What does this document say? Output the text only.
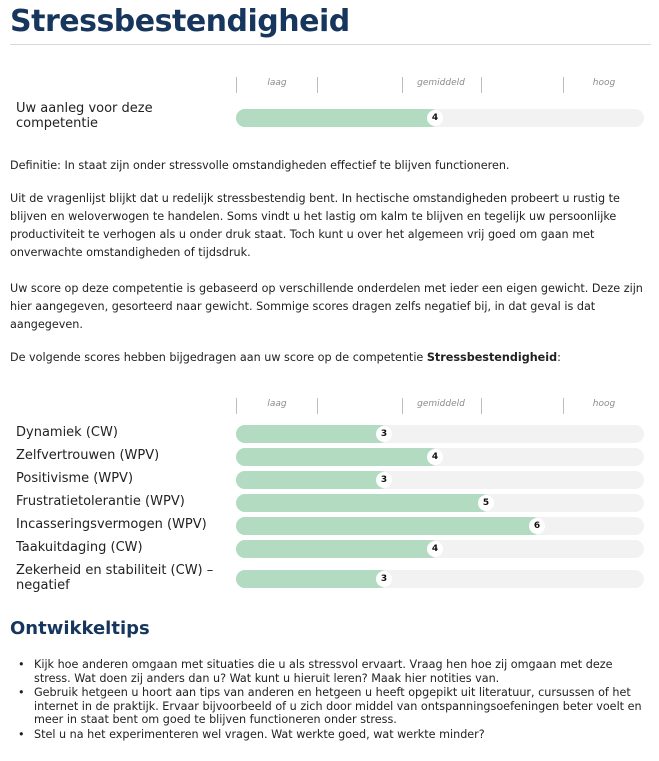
Stressbestendigheid
laag	gemiddeld	hoog
Uw aanleg voor deze competentie	4

Definitie: In staat zijn onder stressvolle omstandigheden effectief te blijven functioneren.

Uit de vragenlijst blijkt dat u redelijk stressbestendig bent. In hectische omstandigheden probeert u rustig te blijven en weloverwogen te handelen. Soms vindt u het lastig om kalm te blijven en tegelijk uw persoonlijke productiviteit te verhogen als u onder druk staat. Toch kunt u over het algemeen vrij goed om gaan met onverwachte omstandigheden of tijdsdruk.

Uw score op deze competentie is gebaseerd op verschillende onderdelen met ieder een eigen gewicht. Deze zijn hier aangegeven, gesorteerd naar gewicht. Sommige scores dragen zelfs negatief bij, in dat geval is dat aangegeven.

De volgende scores hebben bijgedragen aan uw score op de competentie Stressbestendigheid:

laag	gemiddeld	hoog
Dynamiek (CW)	3
Zelfvertrouwen (WPV)	4
Positivisme (WPV)	3
Frustratietolerantie (WPV)	5
Incasseringsvermogen (WPV)	6
Taakuitdaging (CW)	4
Zekerheid en stabiliteit (CW) – negatief	3
Ontwikkeltips
• Kijk hoe anderen omgaan met situaties die u als stressvol ervaart. Vraag hen hoe zij omgaan met deze stress. Wat doen zij anders dan u? Wat kunt u hieruit leren? Maak hier notities van.
• Gebruik hetgeen u hoort aan tips van anderen en hetgeen u heeft opgepikt uit literatuur, cursussen of het internet in de praktijk. Ervaar bijvoorbeeld of u zich door middel van ontspanningsoefeningen beter voelt en meer in staat bent om goed te blijven functioneren onder stress.
• Stel u na het experimenteren wel vragen. Wat werkte goed, wat werkte minder?
